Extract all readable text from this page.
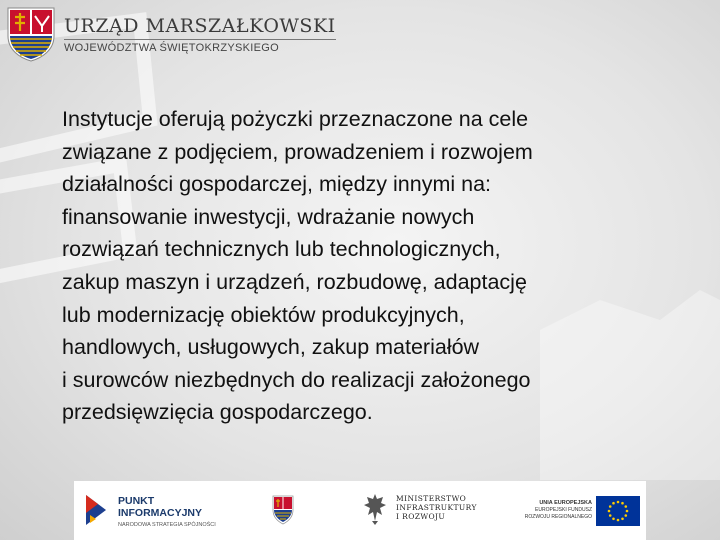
URZĄD MARSZAŁKOWSKI
WOJEWÓDZTWA ŚWIĘTOKRZYSKIEGO

Instytucje oferują pożyczki przeznaczone na cele
związane z podjęciem, prowadzeniem i rozwojem
działalności gospodarczej, między innymi na:
finansowanie inwestycji, wdrażanie nowych
rozwiązań technicznych lub technologicznych,
zakup maszyn i urządzeń, rozbudowę, adaptację
lub modernizację obiektów produkcyjnych,
handlowych, usługowych, zakup materiałów
i surowców niezbędnych do realizacji założonego
przedsięwzięcia gospodarczego.

PUNKT
INFORMACYJNY
NARODOWA STRATEGIA SPÓJNOŚCI
MINISTERSTWO
INFRASTRUKTURY
I ROZWOJU
UNIA EUROPEJSKA
EUROPEJSKI FUNDUSZ
ROZWOJU REGIONALNEGO
